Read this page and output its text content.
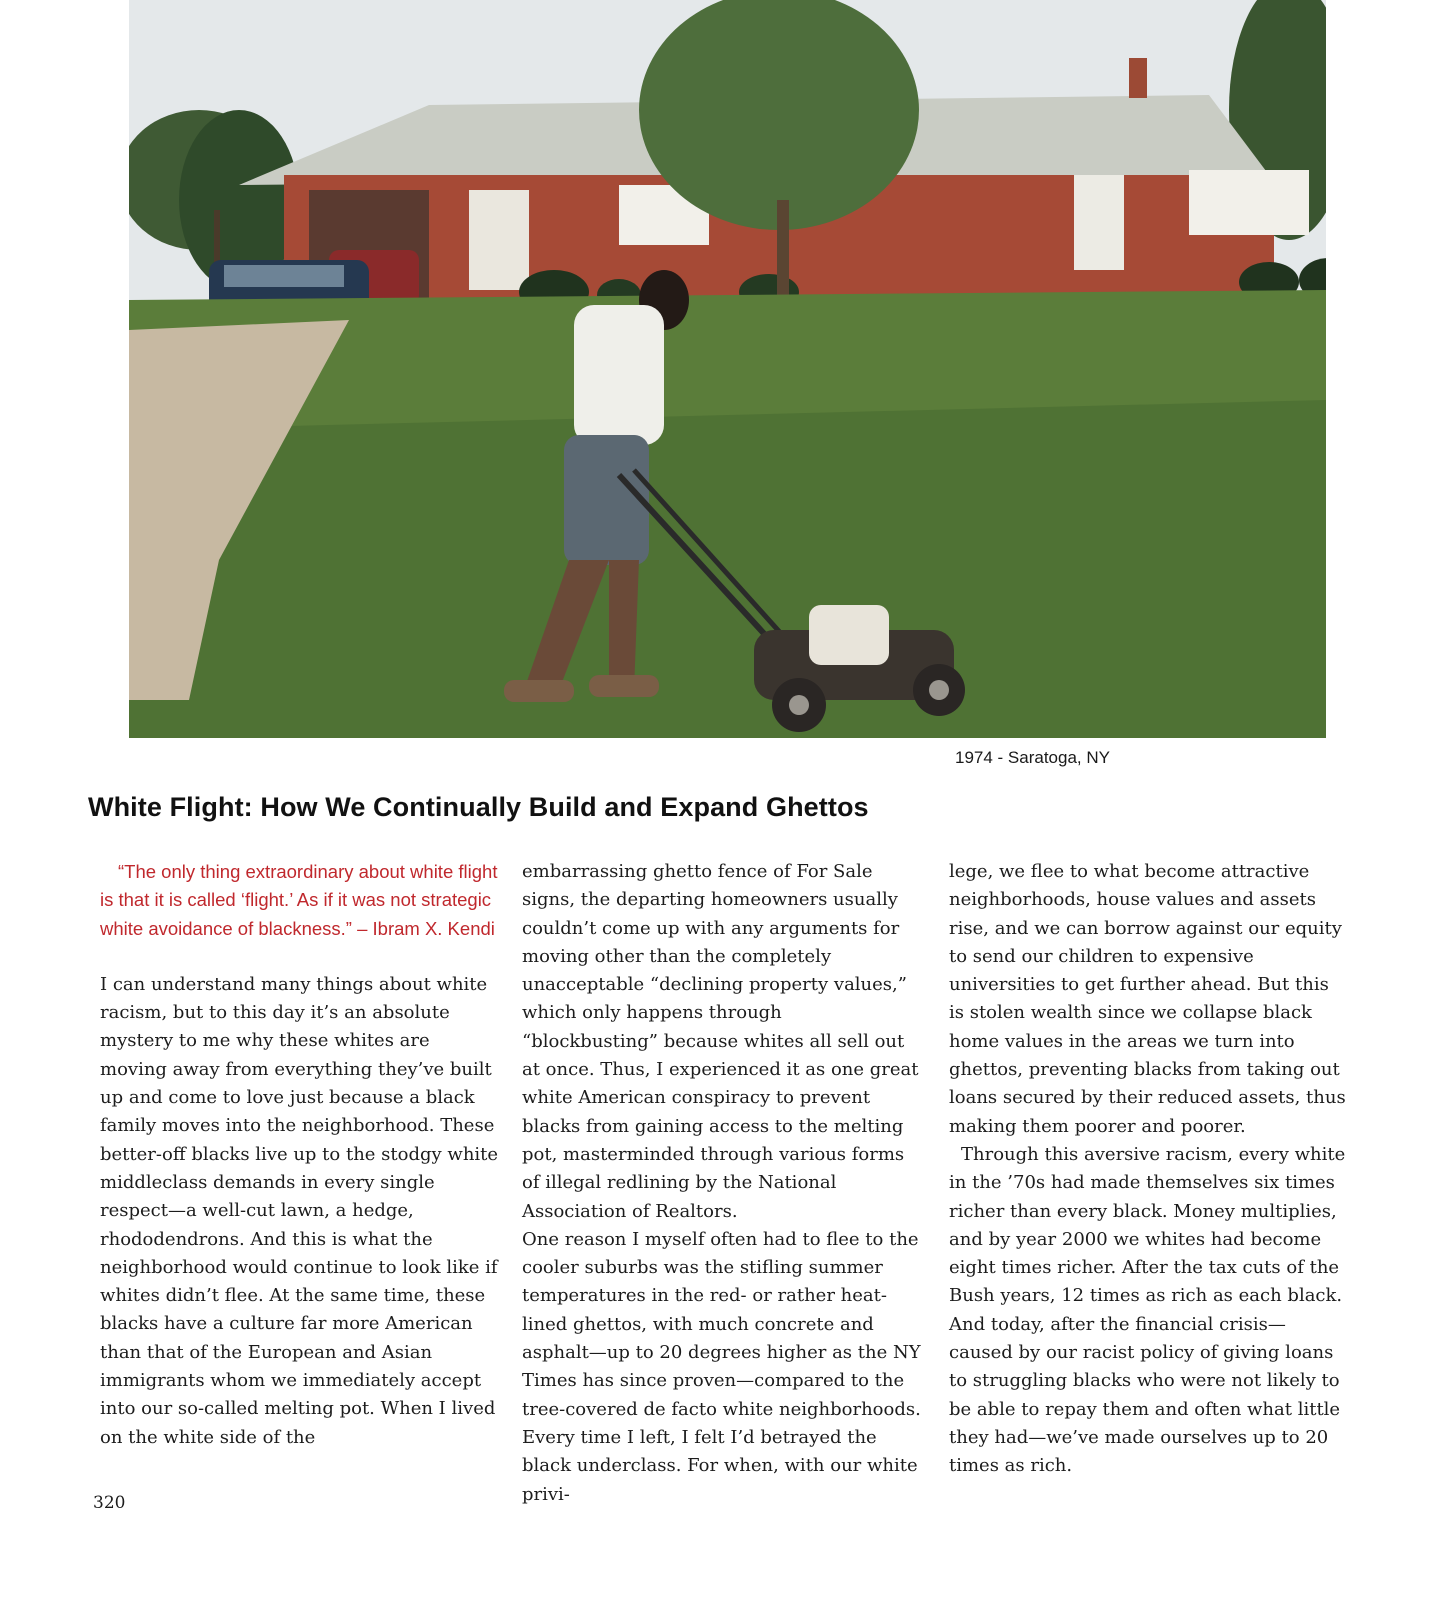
1974 - Saratoga, NY
White Flight: How We Continually Build and Expand Ghettos

“The only thing extraordinary about white flight is that it is called ‘flight.’ As if it was not strategic white avoidance of blackness.” – Ibram X. Kendi

I can understand many things about white racism, but to this day it’s an absolute mystery to me why these whites are moving away from everything they’ve built up and come to love just because a black family moves into the neighborhood. These better-off blacks live up to the stodgy white middleclass demands in every single respect—a well-cut lawn, a hedge, rhododendrons. And this is what the neighborhood would continue to look like if whites didn’t flee. At the same time, these blacks have a culture far more American than that of the European and Asian immigrants whom we immediately accept into our so-called melting pot. When I lived on the white side of the

embarrassing ghetto fence of For Sale signs, the departing homeowners usually couldn’t come up with any arguments for moving other than the completely unacceptable “declining property values,” which only happens through “blockbusting” because whites all sell out at once. Thus, I experienced it as one great white American conspiracy to prevent blacks from gaining access to the melting pot, masterminded through various forms of illegal redlining by the National Association of Realtors.

One reason I myself often had to flee to the cooler suburbs was the stifling summer temperatures in the red- or rather heat-lined ghettos, with much concrete and asphalt—up to 20 degrees higher as the NY Times has since proven—compared to the tree-covered de facto white neighborhoods. Every time I left, I felt I’d betrayed the black underclass. For when, with our white privi-

lege, we flee to what become attractive neighborhoods, house values and assets rise, and we can borrow against our equity to send our children to expensive universities to get further ahead. But this is stolen wealth since we collapse black home values in the areas we turn into ghettos, preventing blacks from taking out loans secured by their reduced assets, thus making them poorer and poorer.

Through this aversive racism, every white in the ’70s had made themselves six times richer than every black. Money multiplies, and by year 2000 we whites had become eight times richer. After the tax cuts of the Bush years, 12 times as rich as each black. And today, after the financial crisis—caused by our racist policy of giving loans to struggling blacks who were not likely to be able to repay them and often what little they had—we’ve made ourselves up to 20 times as rich.

320
